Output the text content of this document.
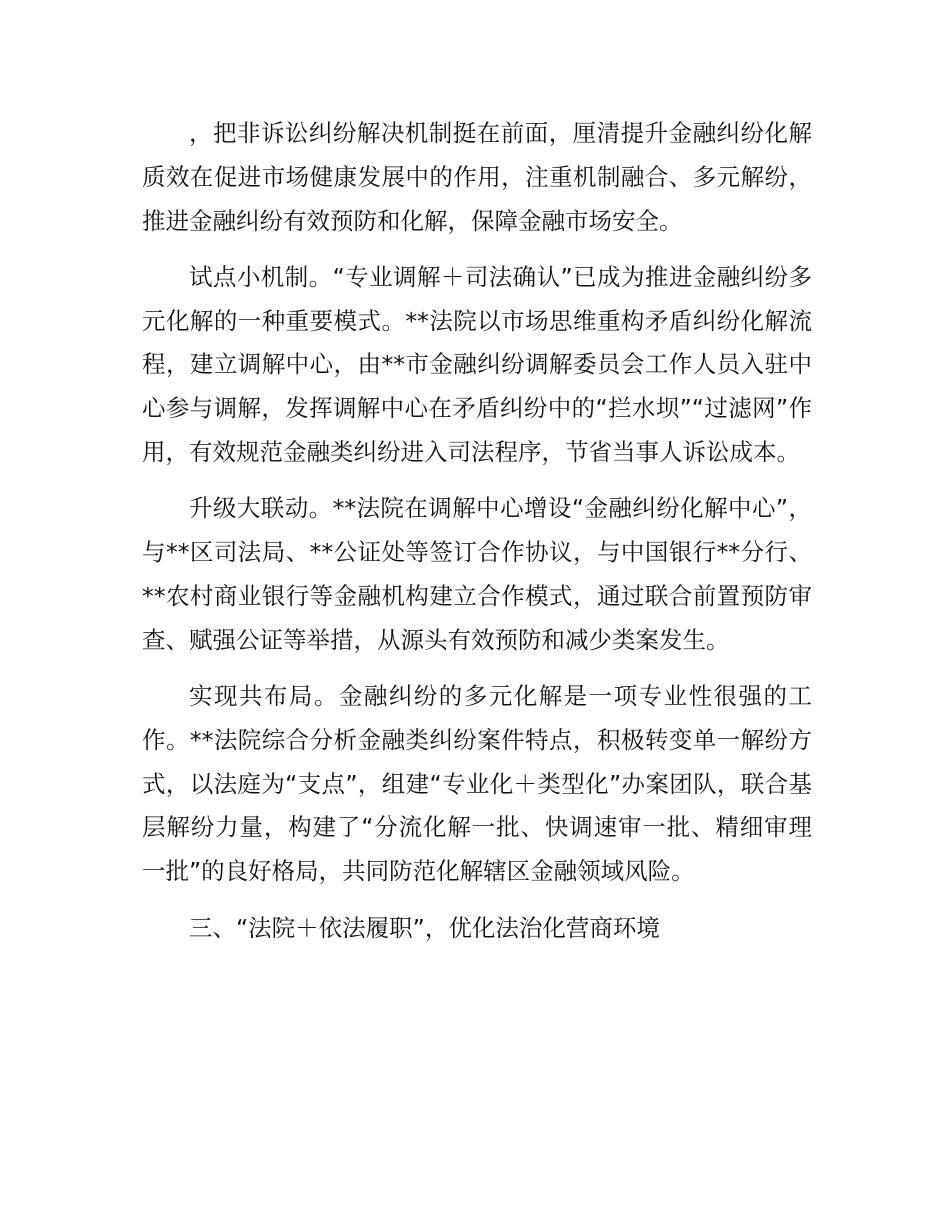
，把非诉讼纠纷解决机制挺在前面，厘清提升金融纠纷化解质效在促进市场健康发展中的作用，注重机制融合、多元解纷，推进金融纠纷有效预防和化解，保障金融市场安全。

试点小机制。“专业调解＋司法确认”已成为推进金融纠纷多元化解的一种重要模式。**法院以市场思维重构矛盾纠纷化解流程，建立调解中心，由**市金融纠纷调解委员会工作人员入驻中心参与调解，发挥调解中心在矛盾纠纷中的“拦水坝”“过滤网”作用，有效规范金融类纠纷进入司法程序，节省当事人诉讼成本。

升级大联动。**法院在调解中心增设“金融纠纷化解中心”，与**区司法局、**公证处等签订合作协议，与中国银行**分行、**农村商业银行等金融机构建立合作模式，通过联合前置预防审查、赋强公证等举措，从源头有效预防和减少类案发生。

实现共布局。金融纠纷的多元化解是一项专业性很强的工作。**法院综合分析金融类纠纷案件特点，积极转变单一解纷方式，以法庭为“支点”，组建“专业化＋类型化”办案团队，联合基层解纷力量，构建了“分流化解一批、快调速审一批、精细审理一批”的良好格局，共同防范化解辖区金融领域风险。

三、“法院＋依法履职”，优化法治化营商环境
